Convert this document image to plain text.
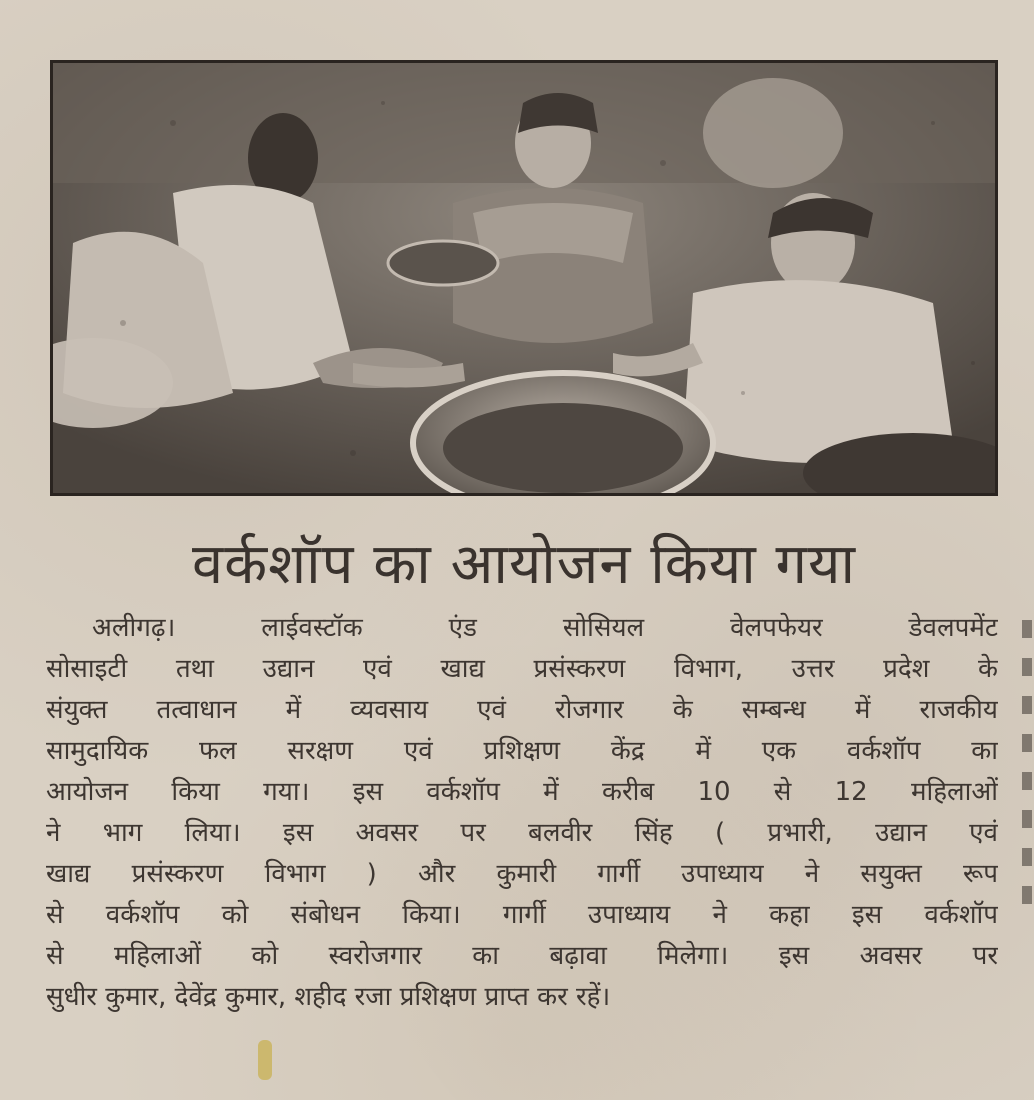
वर्कशॉप का आयोजन किया गया
अलीगढ़। लाईवस्टॉक एंड सोसियल वेलपफेयर डेवलपमेंट
सोसाइटी तथा उद्यान एवं खाद्य प्रसंस्करण विभाग, उत्तर प्रदेश के
संयुक्त तत्वाधान में व्यवसाय एवं रोजगार के सम्बन्ध में राजकीय
सामुदायिक फल सरक्षण एवं प्रशिक्षण केंद्र में एक वर्कशॉप का
आयोजन किया गया। इस वर्कशॉप में करीब 10 से 12 महिलाओं
ने भाग लिया। इस अवसर पर बलवीर सिंह ( प्रभारी, उद्यान एवं
खाद्य प्रसंस्करण विभाग ) और कुमारी गार्गी उपाध्याय ने सयुक्त रूप
से वर्कशॉप को संबोधन किया। गार्गी उपाध्याय ने कहा इस वर्कशॉप
से महिलाओं को स्वरोजगार का बढ़ावा मिलेगा। इस अवसर पर
सुधीर कुमार, देवेंद्र कुमार, शहीद रजा प्रशिक्षण प्राप्त कर रहें।
